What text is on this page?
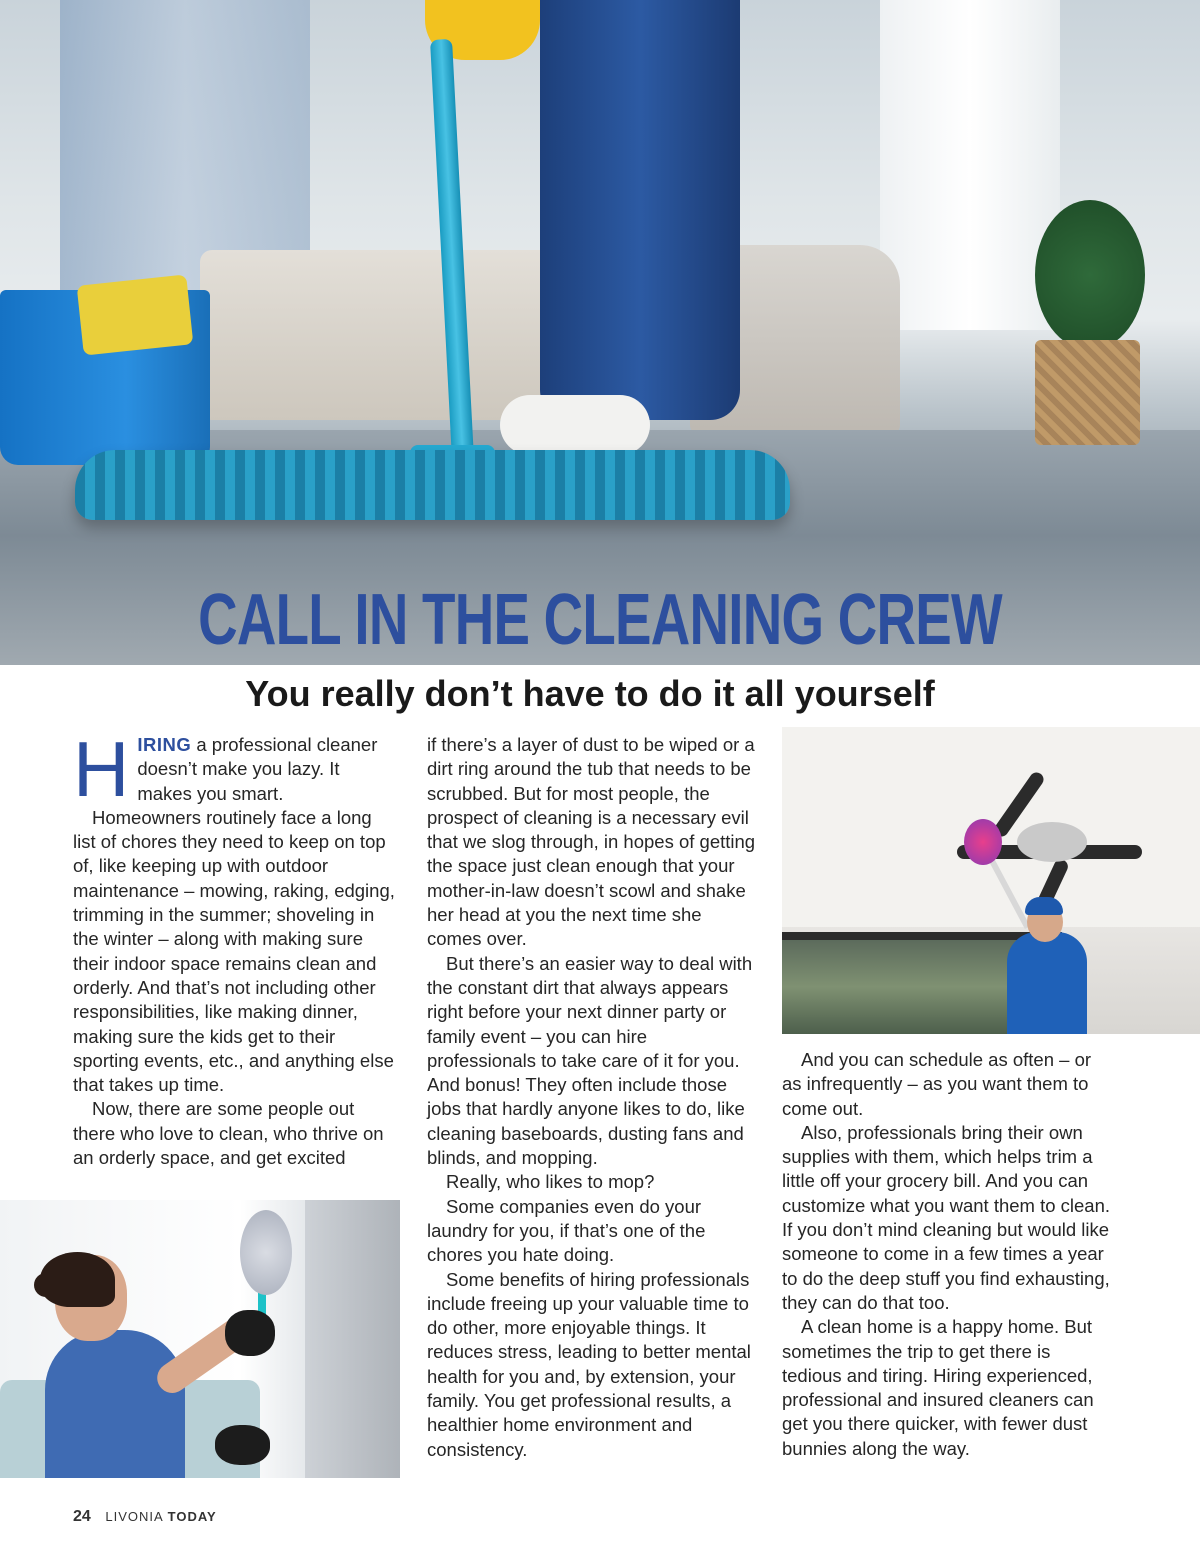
CALL IN THE CLEANING CREW
You really don’t have to do it all yourself

HIRING a professional cleaner doesn’t make you lazy. It makes you smart.

Homeowners routinely face a long list of chores they need to keep on top of, like keeping up with outdoor maintenance – mowing, raking, edging, trimming in the summer; shoveling in the winter – along with making sure their indoor space remains clean and orderly. And that’s not including other responsibilities, like making dinner, making sure the kids get to their sporting events, etc., and anything else that takes up time.

Now, there are some people out there who love to clean, who thrive on an orderly space, and get excited

if there’s a layer of dust to be wiped or a dirt ring around the tub that needs to be scrubbed. But for most people, the prospect of cleaning is a necessary evil that we slog through, in hopes of getting the space just clean enough that your mother-in-law doesn’t scowl and shake her head at you the next time she comes over.

But there’s an easier way to deal with the constant dirt that always appears right before your next dinner party or family event – you can hire professionals to take care of it for you. And bonus! They often include those jobs that hardly anyone likes to do, like cleaning baseboards, dusting fans and blinds, and mopping.

Really, who likes to mop?

Some companies even do your laundry for you, if that’s one of the chores you hate doing.

Some benefits of hiring professionals include freeing up your valuable time to do other, more enjoyable things. It reduces stress, leading to better mental health for you and, by extension, your family. You get professional results, a healthier home environment and consistency.

And you can schedule as often – or as infrequently – as you want them to come out.

Also, professionals bring their own supplies with them, which helps trim a little off your grocery bill. And you can customize what you want them to clean. If you don’t mind cleaning but would like someone to come in a few times a year to do the deep stuff you find exhausting, they can do that too.

A clean home is a happy home. But sometimes the trip to get there is tedious and tiring. Hiring experienced, professional and insured cleaners can get you there quicker, with fewer dust bunnies along the way.

24 LIVONIA TODAY
